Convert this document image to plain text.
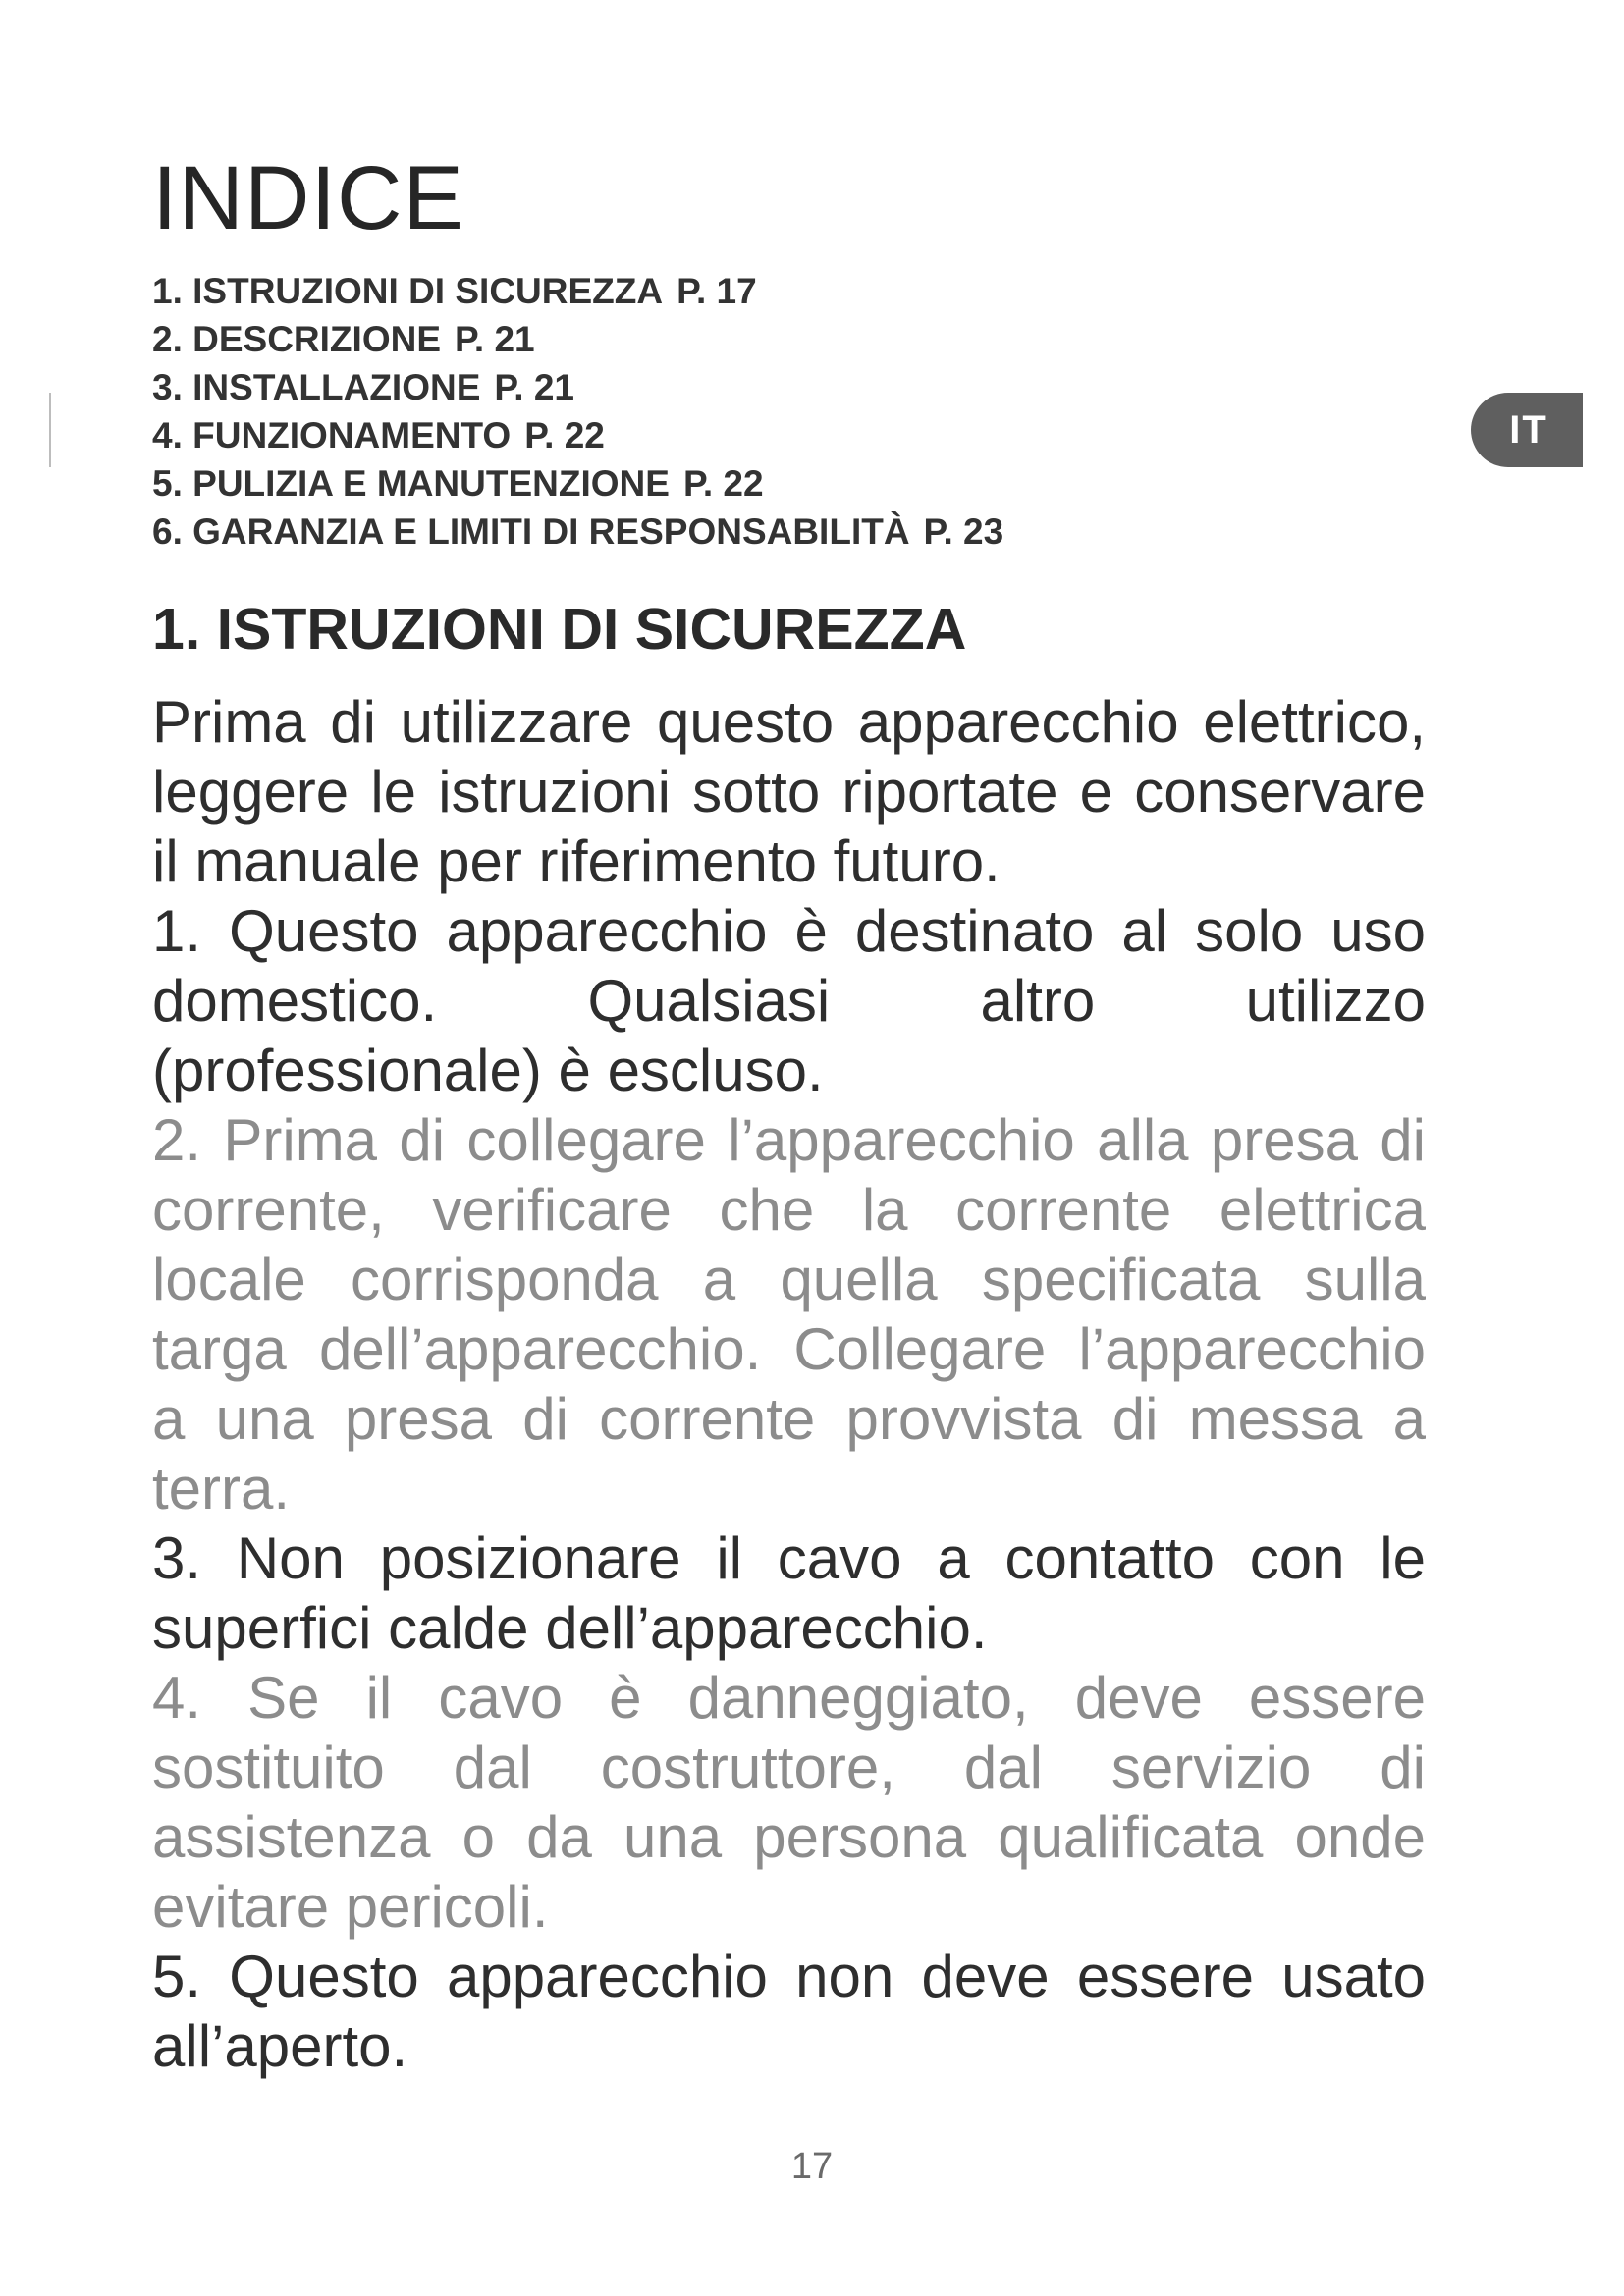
INDICE
1. ISTRUZIONI DI SICUREZZA P. 17
2. DESCRIZIONE P. 21
3. INSTALLAZIONE P. 21
4. FUNZIONAMENTO P. 22
5. PULIZIA E MANUTENZIONE P. 22
6. GARANZIA E LIMITI DI RESPONSABILITÀ P. 23
IT
1. ISTRUZIONI DI SICUREZZA

Prima di utilizzare questo apparecchio elettrico, leggere le istruzioni sotto riportate e conservare il manuale per riferimento futuro.

1. Questo apparecchio è destinato al solo uso domestico. Qualsiasi altro utilizzo (professionale) è escluso.

2. Prima di collegare l’apparecchio alla presa di corrente, verificare che la corrente elettrica locale corrisponda a quella specificata sulla targa dell’apparecchio. Collegare l’apparecchio a una presa di corrente provvista di messa a terra.

3. Non posizionare il cavo a contatto con le superfici calde dell’apparecchio.

4. Se il cavo è danneggiato, deve essere sostituito dal costruttore, dal servizio di assistenza o da una persona qualificata onde evitare pericoli.

5. Questo apparecchio non deve essere usato all’aperto.

17
